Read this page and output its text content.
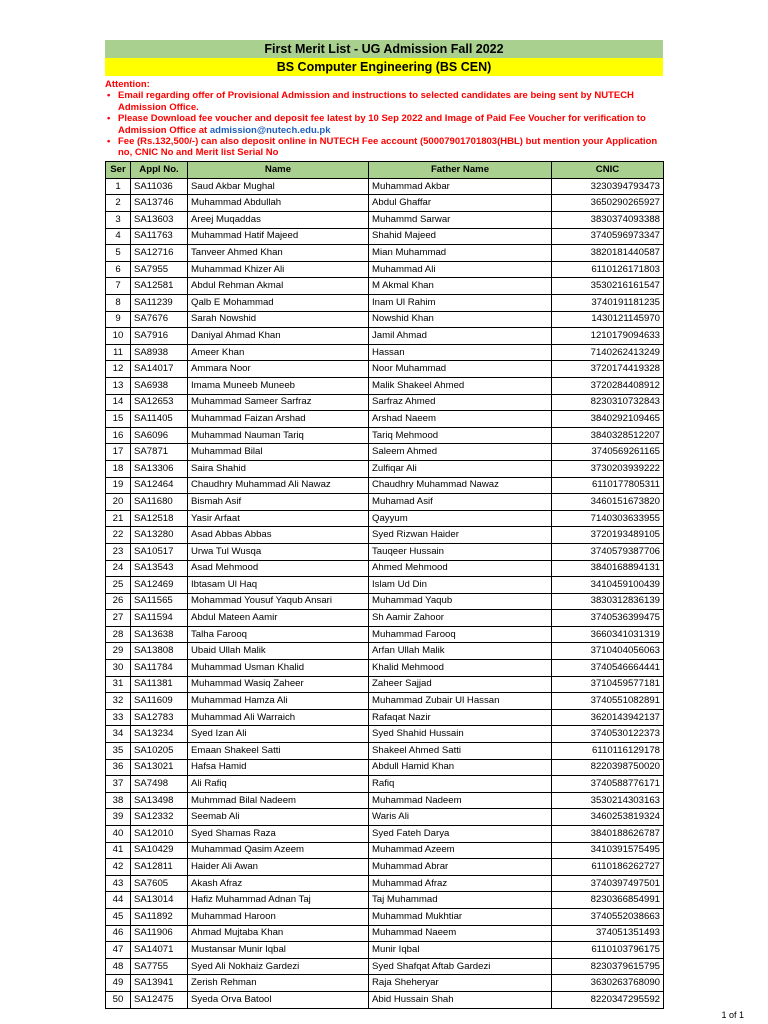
First Merit List - UG Admission Fall 2022
BS Computer Engineering (BS CEN)
Attention:
• Email regarding offer of Provisional Admission and instructions to selected candidates are being sent by NUTECH Admission Office.
• Please Download fee voucher and deposit fee latest by 10 Sep 2022 and Image of Paid Fee Voucher for verification to Admission Office at admission@nutech.edu.pk
• Fee (Rs.132,500/-) can also deposit online in NUTECH Fee account (50007901701803(HBL) but mention your Application no, CNIC No and Merit list Serial No
Ser	Appl No.	Name	Father Name	CNIC
1	SA11036	Saud Akbar Mughal	Muhammad Akbar	3230394793473
2	SA13746	Muhammad Abdullah	Abdul Ghaffar	3650290265927
3	SA13603	Areej Muqaddas	Muhammd Sarwar	3830374093388
4	SA11763	Muhammad Hatif Majeed	Shahid Majeed	3740596973347
5	SA12716	Tanveer Ahmed Khan	Mian Muhammad	3820181440587
6	SA7955	Muhammad Khizer Ali	Muhammad Ali	6110126171803
7	SA12581	Abdul Rehman Akmal	M Akmal Khan	3530216161547
8	SA11239	Qalb E Mohammad	Inam Ul Rahim	3740191181235
9	SA7676	Sarah Nowshid	Nowshid Khan	1430121145970
10	SA7916	Daniyal Ahmad Khan	Jamil Ahmad	1210179094633
11	SA8938	Ameer Khan	Hassan	7140262413249
12	SA14017	Ammara Noor	Noor Muhammad	3720174419328
13	SA6938	Imama Muneeb Muneeb	Malik Shakeel Ahmed	3720284408912
14	SA12653	Muhammad Sameer Sarfraz	Sarfraz Ahmed	8230310732843
15	SA11405	Muhammad Faizan Arshad	Arshad Naeem	3840292109465
16	SA6096	Muhammad Nauman Tariq	Tariq Mehmood	3840328512207
17	SA7871	Muhammad Bilal	Saleem Ahmed	3740569261165
18	SA13306	Saira Shahid	Zulfiqar Ali	3730203939222
19	SA12464	Chaudhry Muhammad Ali Nawaz	Chaudhry Muhammad Nawaz	6110177805311
20	SA11680	Bismah Asif	Muhamad Asif	3460151673820
21	SA12518	Yasir Arfaat	Qayyum	7140303633955
22	SA13280	Asad Abbas Abbas	Syed Rizwan Haider	3720193489105
23	SA10517	Urwa Tul Wusqa	Tauqeer Hussain	3740579387706
24	SA13543	Asad Mehmood	Ahmed Mehmood	3840168894131
25	SA12469	Ibtasam Ul Haq	Islam Ud Din	3410459100439
26	SA11565	Mohammad Yousuf Yaqub Ansari	Muhammad Yaqub	3830312836139
27	SA11594	Abdul Mateen Aamir	Sh Aamir Zahoor	3740536399475
28	SA13638	Talha Farooq	Muhammad Farooq	3660341031319
29	SA13808	Ubaid Ullah Malik	Arfan Ullah Malik	3710404056063
30	SA11784	Muhammad Usman Khalid	Khalid Mehmood	3740546664441
31	SA11381	Muhammad Wasiq Zaheer	Zaheer Sajjad	3710459577181
32	SA11609	Muhammad Hamza Ali	Muhammad Zubair Ul Hassan	3740551082891
33	SA12783	Muhammad Ali Warraich	Rafaqat Nazir	3620143942137
34	SA13234	Syed Izan Ali	Syed Shahid Hussain	3740530122373
35	SA10205	Emaan Shakeel Satti	Shakeel Ahmed Satti	6110116129178
36	SA13021	Hafsa Hamid	Abdull Hamid Khan	8220398750020
37	SA7498	Ali Rafiq	Rafiq	3740588776171
38	SA13498	Muhmmad Bilal Nadeem	Muhammad Nadeem	3530214303163
39	SA12332	Seemab Ali	Waris Ali	3460253819324
40	SA12010	Syed Shamas Raza	Syed Fateh Darya	3840188626787
41	SA10429	Muhammad Qasim Azeem	Muhammad Azeem	3410391575495
42	SA12811	Haider Ali Awan	Muhammad Abrar	6110186262727
43	SA7605	Akash Afraz	Muhammad Afraz	3740397497501
44	SA13014	Hafiz Muhammad Adnan Taj	Taj Muhammad	8230366854991
45	SA11892	Muhammad Haroon	Muhammad Mukhtiar	3740552038663
46	SA11906	Ahmad Mujtaba Khan	Muhammad Naeem	374051351493
47	SA14071	Mustansar Munir Iqbal	Munir Iqbal	6110103796175
48	SA7755	Syed Ali Nokhaiz Gardezi	Syed Shafqat Aftab Gardezi	8230379615795
49	SA13941	Zerish Rehman	Raja Sheheryar	3630263768090
50	SA12475	Syeda Orva Batool	Abid Hussain Shah	8220347295592
1 of 1
